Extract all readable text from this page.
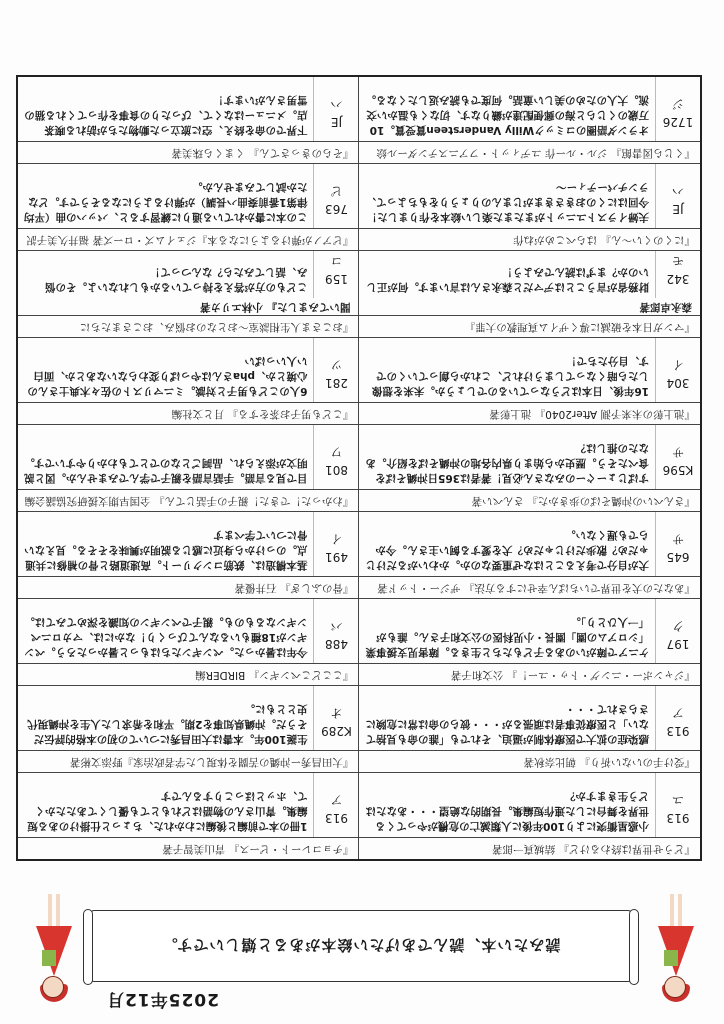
読みたい本、読んであげたい絵本があると嬉しいです。
2025年12月
『どうせ世界は終わるけど』 結城真一郎著
913
ユ
小惑星衝突により100年後に人類滅亡の危機がやってくる世界を舞台にした連作短編集。長期的な絶望・・・あなたはどう生きますか？

『チョコレート・ピース』 青山美智子著
913
ア
1冊の本で前編と後編にわかれた、ちょっと仕掛けのある短編集。青山さんの物語はどれもとても優しくてあたたかくて、ホッとほっこりするんです

『受け手のいない祈り』 朝比奈秋著
913
ア
感染症の拡大で医療体制が逼迫、それでも「誰の命も見捨てない」と医療従事者は頑張るが・・・彼らの命は常に危険にさらされて・・・

『大田昌秀ー沖縄の苦闘を体現した学者政治家』野添文彬著
K289
オ
生誕100年。本書は大田昌秀についての初の本格的評伝だそうだ。沖縄県知事を2期。平和を希求した人生を沖縄現代史とともに。

『ジャンボー・ニング・トゥ・ユー！』 公文和子著
197
ク
ケニアで障がいのある子どもたちと生きる。障害児支援事業「シロアムの園」園長・小児科医の公文和子さん。誰もが「一人ひとり」。

『ここどこペンギン』 BIRDER編
488
バ
今年は暑かった。ペンギンたちはもっと暑かったろう。ペンギンが18種もいるなんてびっくり！なかには、マカロニペンギンなるものも。親子でペンギンの知識を深めてみては。

『あなたの犬を世界でいちばん幸せにする方法』 ザジー・トッド著
645
サ
犬が自分で考えることはなぜ重要なのか。かわいがるだけじゃだめ？散歩だけじゃだめ？犬を愛する飼い主さん。今からでも遅くない。

『骨のふしぎ』 石井優著
491
イ
基本構造は、鉄筋コンクリート。高速道路と骨の補修に共通点。のっけから身近に感じる説明が興味をそそる。見えない骨について学べます

『さんぺいの沖縄そばの歩きかた』 さんぺい著
K596
サ
すばじょーぐーのみなさん必見！著者は365日沖縄そばを食べたそう。歴史から始まり県内各地の沖縄そばを紹介。あなたの推しは？

『わかった！できた！親子の手話じてん』 全国早期支援研究協議会編
801
ワ
目で見る言語。手話言語を親子で学んでみませんか。図と説明文が添えられ、品詞ごとなのでとてもわかりやすいです。

『池上彰の未来予測 After2040』 池上彰著
304
イ
16年後、日本はどうなっているのでしょうか。未来を想像したら暗くなってしまうけれど、これから創っていくのです、自分たちで！

『こども男子お茶をする』 月と文社編
281
ツ
6人のこども男子と対談。ミニマリストの佐々木典士さんの心境とか、phaさんはやっぱり変わらないなあとか、面白い人いっぱい

『マンガ日本を破滅に導くザイム真理教の大罪』
森永卓郎著
342
モ
財務省が言うことはデマだと森永さんは言います。何が正しいのか？まずは読んでみよう！

『おこさま人生相談室〜おとなのお悩み、おこさまたちに
聞いてみました』 小林エリカ著
159
コ
こどもの方が答えを持っているかもしれないよ。その悩み、話してみたら？なんつって！

『にくのくい〜ん』 はらぺこめがね作
JE
ハ
夫婦イラストユニットがまたまた楽しい絵本を作りました！今回はにくのおきさきまがじまんのりょうりをもちよって、ランチパーティー〜

『ピアノが弾けるようになる本』ジェイムズ・ローズ著 福井久美子訳
763
ピ
この本に書かれている通りに練習すると、バッハの曲（平均律第1番前奏曲ハ長調）が弾けるようになるそうです。どなたか試してみませんか。

『くじら図書館』 ジル・ルー作 ユディット・フアニステンダール絵
1726
ジ
オランダ語圏のコミックWilly Vandersteen賞受賞。10万歳のくじらと海の郵便配達が織りなす、切なくも温かい交流。大人のための美しい童話。何度でも読み返したくなる。

『そらのきっさてん』 くまくら珠美著
JE
ハ
下界での命を終え、空に旅立った動物たちが訪れる喫茶店。メニューはなくて、ぴったりの食事を作ってくれる猫の雪男さんがいます！
